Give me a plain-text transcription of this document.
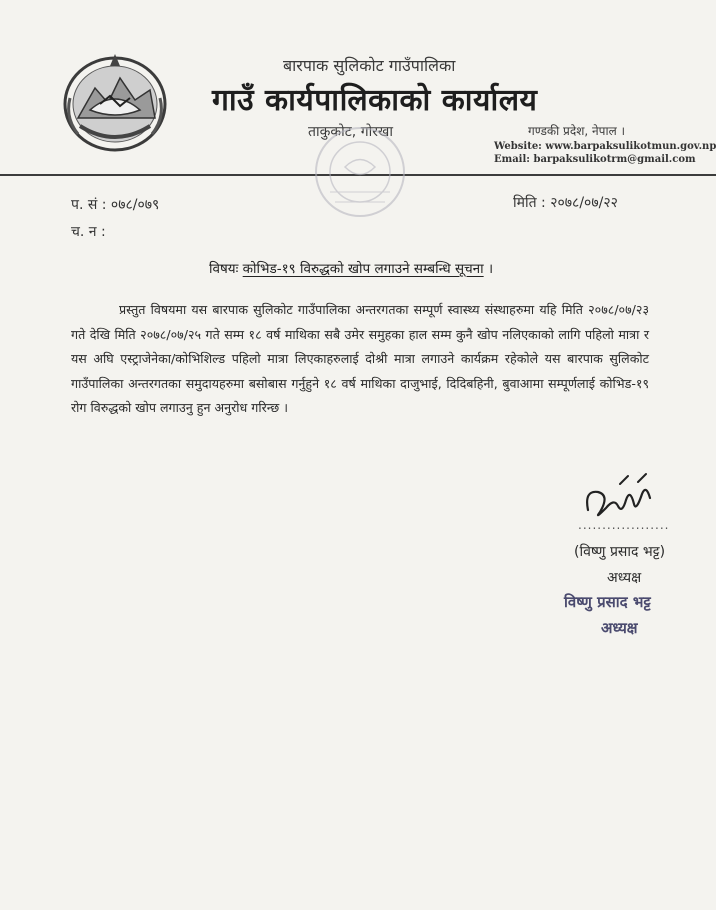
बारपाक सुलिकोट गाउँपालिका
गाउँ कार्यपालिकाको कार्यालय
ताकुकोट, गोरखा	गण्डकी प्रदेश, नेपाल ।
Website: www.barpaksulikotmun.gov.np
Email: barpaksulikotrm@gmail.com
प. सं : ०७८/०७९
च. न :
मिति : २०७८/०७/२२
विषयः कोभिड-१९ विरुद्धको खोप लगाउने सम्बन्धि सूचना ।
प्रस्तुत विषयमा यस बारपाक सुलिकोट गाउँपालिका अन्तरगतका सम्पूर्ण स्वास्थ्य संस्थाहरुमा यहि मिति २०७८/०७/२३ गते देखि मिति २०७८/०७/२५ गते सम्म १८ वर्ष माथिका सबै उमेर समुहका हाल सम्म कुनै खोप नलिएकाको लागि पहिलो मात्रा र यस अघि एस्ट्राजेनेका/कोभिशिल्ड पहिलो मात्रा लिएकाहरुलाई दोश्री मात्रा लगाउने कार्यक्रम रहेकोले यस बारपाक सुलिकोट गाउँपालिका अन्तरगतका समुदायहरुमा बसोबास गर्नुहुने १८ वर्ष माथिका दाजुभाई, दिदिबहिनी, बुवाआमा सम्पूर्णलाई कोभिड-१९ रोग विरुद्धको खोप लगाउनु हुन अनुरोध गरिन्छ ।
...................
(विष्णु प्रसाद भट्ट)
अध्यक्ष
विष्णु प्रसाद भट्ट
अध्यक्ष
